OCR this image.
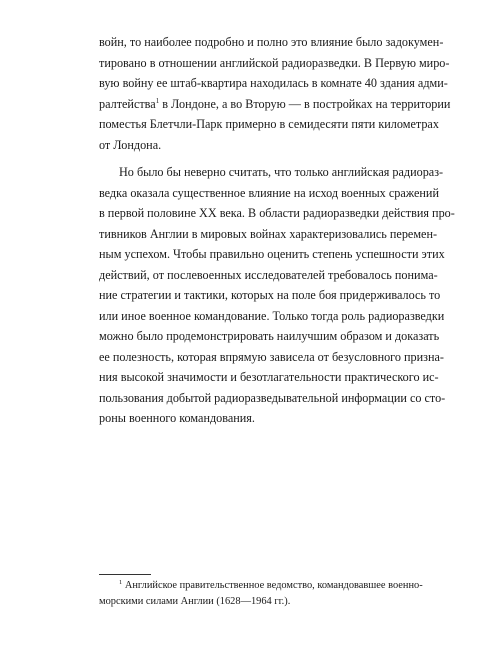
войн, то наиболее подробно и полно это влияние было задокумен-
тировано в отношении английской радиоразведки. В Первую миро-
вую войну ее штаб-квартира находилась в комнате 40 здания адми-
ралтейства$^1$ в Лондоне, а во Вторую — в постройках на территории
поместья Блетчли-Парк примерно в семидесяти пяти километрах
от Лондона.
Но было бы неверно считать, что только английская радиораз-
ведка оказала существенное влияние на исход военных сражений
в первой половине XX века. В области радиоразведки действия про-
тивников Англии в мировых войнах характеризовались перемен-
ным успехом. Чтобы правильно оценить степень успешности этих
действий, от послевоенных исследователей требовалось понима-
ние стратегии и тактики, которых на поле боя придерживалось то
или иное военное командование. Только тогда роль радиоразведки
можно было продемонстрировать наилучшим образом и доказать
ее полезность, которая впрямую зависела от безусловного призна-
ния высокой значимости и безотлагательности практического ис-
пользования добытой радиоразведывательной информации со сто-
роны военного командования.
$^1$ Английское правительственное ведомство, командовавшее военно-
морскими силами Англии (1628—1964 гг.).
